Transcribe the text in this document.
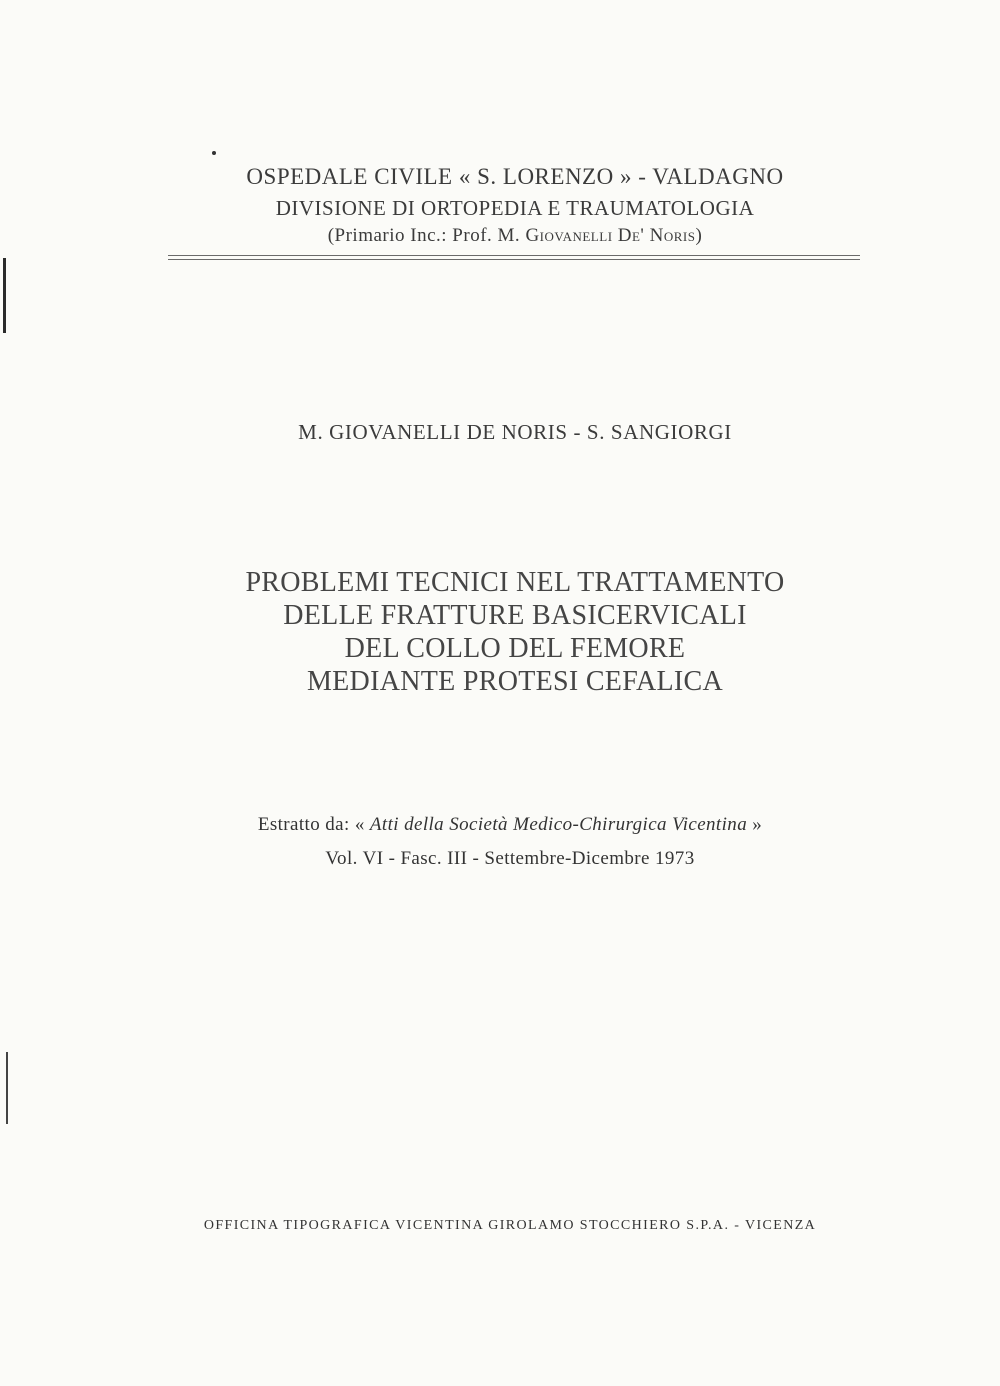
OSPEDALE CIVILE « S. LORENZO » - VALDAGNO
DIVISIONE DI ORTOPEDIA E TRAUMATOLOGIA
(Primario Inc.: Prof. M. Giovanelli De' Noris)
M. GIOVANELLI DE NORIS - S. SANGIORGI
PROBLEMI TECNICI NEL TRATTAMENTO
DELLE FRATTURE BASICERVICALI
DEL COLLO DEL FEMORE
MEDIANTE PROTESI CEFALICA
Estratto da: « Atti della Società Medico-Chirurgica Vicentina »
Vol. VI - Fasc. III - Settembre-Dicembre 1973
OFFICINA TIPOGRAFICA VICENTINA GIROLAMO STOCCHIERO S.P.A. - VICENZA
